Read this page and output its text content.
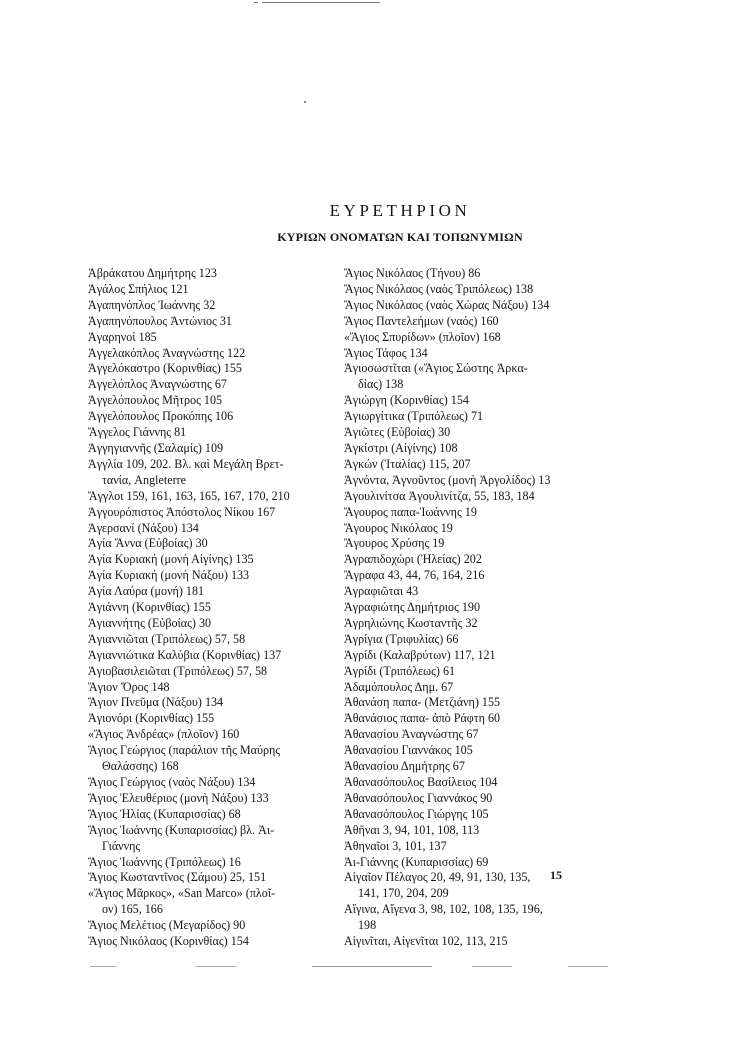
ΕΥΡΕΤΗΡΙΟΝ
ΚΥΡΙΩΝ ΟΝΟΜΑΤΩΝ ΚΑΙ ΤΟΠΩΝΥΜΙΩΝ
Ἀβράκατου Δημήτρης 123
Ἀγάλος Σπήλιος 121
Ἀγαπηνόπλος Ἰωάννης 32
Ἀγαπηνόπουλος Ἀντώνιος 31
Ἀγαρηνοί 185
Ἀγγελακόπλος Ἀναγνώστης 122
Ἀγγελόκαστρο (Κορινθίας) 155
Ἀγγελόπλος Ἀναγνώστης 67
Ἀγγελόπουλος Μῆτρος 105
Ἀγγελόπουλος Προκόπης 106
Ἄγγελος Γιάννης 81
Ἀγγηγιαννῆς (Σαλαμίς) 109
Ἀγγλία 109, 202. Βλ. καὶ Μεγάλη Βρετ-
τανία, Angleterre
Ἄγγλοι 159, 161, 163, 165, 167, 170, 210
Ἀγγουρόπιστος Ἀπόστολος Νίκου 167
Ἀγερσανί (Νάξου) 134
Ἁγία Ἄννα (Εὐβοίας) 30
Ἁγία Κυριακή (μονὴ Αἰγίνης) 135
Ἁγία Κυριακή (μονὴ Νάξου) 133
Ἁγία Λαύρα (μονή) 181
Ἀγιάννη (Κορινθίας) 155
Ἀγιαννήτης (Εὐβοίας) 30
Ἀγιαννιῶται (Τριπόλεως) 57, 58
Ἀγιαννιώτικα Καλύβια (Κορινθίας) 137
Ἀγιοβασιλειῶται (Τριπόλεως) 57, 58
Ἅγιον Ὄρος 148
Ἅγιον Πνεῦμα (Νάξου) 134
Ἀγιονόρι (Κορινθίας) 155
«Ἅγιος Ἀνδρέας» (πλοῖον) 160
Ἅγιος Γεώργιος (παράλιον τῆς Μαύρης
Θαλάσσης) 168
Ἅγιος Γεώργιος (ναὸς Νάξου) 134
Ἅγιος Ἐλευθέριος (μονὴ Νάξου) 133
Ἅγιος Ἠλίας (Κυπαρισσίας) 68
Ἅγιος Ἰωάννης (Κυπαρισσίας) βλ. Ἀι-
Γιάννης
Ἅγιος Ἰωάννης (Τριπόλεως) 16
Ἅγιος Κωσταντῖνος (Σάμου) 25, 151
«Ἅγιος Μᾶρκος», «San Marco» (πλοῖ-
ον) 165, 166
Ἅγιος Μελέτιος (Μεγαρίδος) 90
Ἅγιος Νικόλαος (Κορινθίας) 154
Ἅγιος Νικόλαος (Τήνου) 86
Ἅγιος Νικόλαος (ναὸς Τριπόλεως) 138
Ἅγιος Νικόλαος (ναὸς Χώρας Νάξου) 134
Ἅγιος Παντελεήμων (ναός) 160
«Ἅγιος Σπυρίδων» (πλοῖον) 168
Ἅγιος Τάφος 134
Ἁγιοσωστῖται («Ἅγιος Σώστης Ἀρκα-
δίας) 138
Ἀγιώργη (Κορινθίας) 154
Ἀγιωργίτικα (Τριπόλεως) 71
Ἀγιῶτες (Εὐβοίας) 30
Ἀγκίστρι (Αἰγίνης) 108
Ἀγκών (Ἰταλίας) 115, 207
Ἀγνόντα, Ἀγνοῦντος (μονὴ Ἀργολίδος) 13
Ἀγουλινίτσα Ἀγουλινίτζα, 55, 183, 184
Ἄγουρος παπα-Ἰωάννης 19
Ἄγουρος Νικόλαος 19
Ἄγουρος Χρύσης 19
Ἀγραπιδοχώρι (Ἠλείας) 202
Ἄγραφα 43, 44, 76, 164, 216
Ἀγραφιῶται 43
Ἀγραφιώτης Δημήτριος 190
Ἀγρηλιώνης Κωσταντῆς 32
Ἀγρίγια (Τριφυλίας) 66
Ἀγρίδι (Καλαβρύτων) 117, 121
Ἀγρίδι (Τριπόλεως) 61
Ἀδαμόπουλος Δημ. 67
Ἀθανάση παπα- (Μετζιάνη) 155
Ἀθανάσιος παπα- ἀπὸ Ράφτη 60
Ἀθανασίου Ἀναγνώστης 67
Ἀθανασίου Γιαννάκος 105
Ἀθανασίου Δημήτρης 67
Ἀθανασόπουλος Βασίλειος 104
Ἀθανασόπουλος Γιαννάκος 90
Ἀθανασόπουλος Γιώργης 105
Ἀθῆναι 3, 94, 101, 108, 113
Ἀθηναῖοι 3, 101, 137
Ἀι-Γιάννης (Κυπαρισσίας) 69
Αἰγαῖον Πέλαγος 20, 49, 91, 130, 135,
141, 170, 204, 209
Αἴγινα, Αἴγενα 3, 98, 102, 108, 135, 196,
198
Αἰγινῖται, Αἰγενῖται 102, 113, 215
15
